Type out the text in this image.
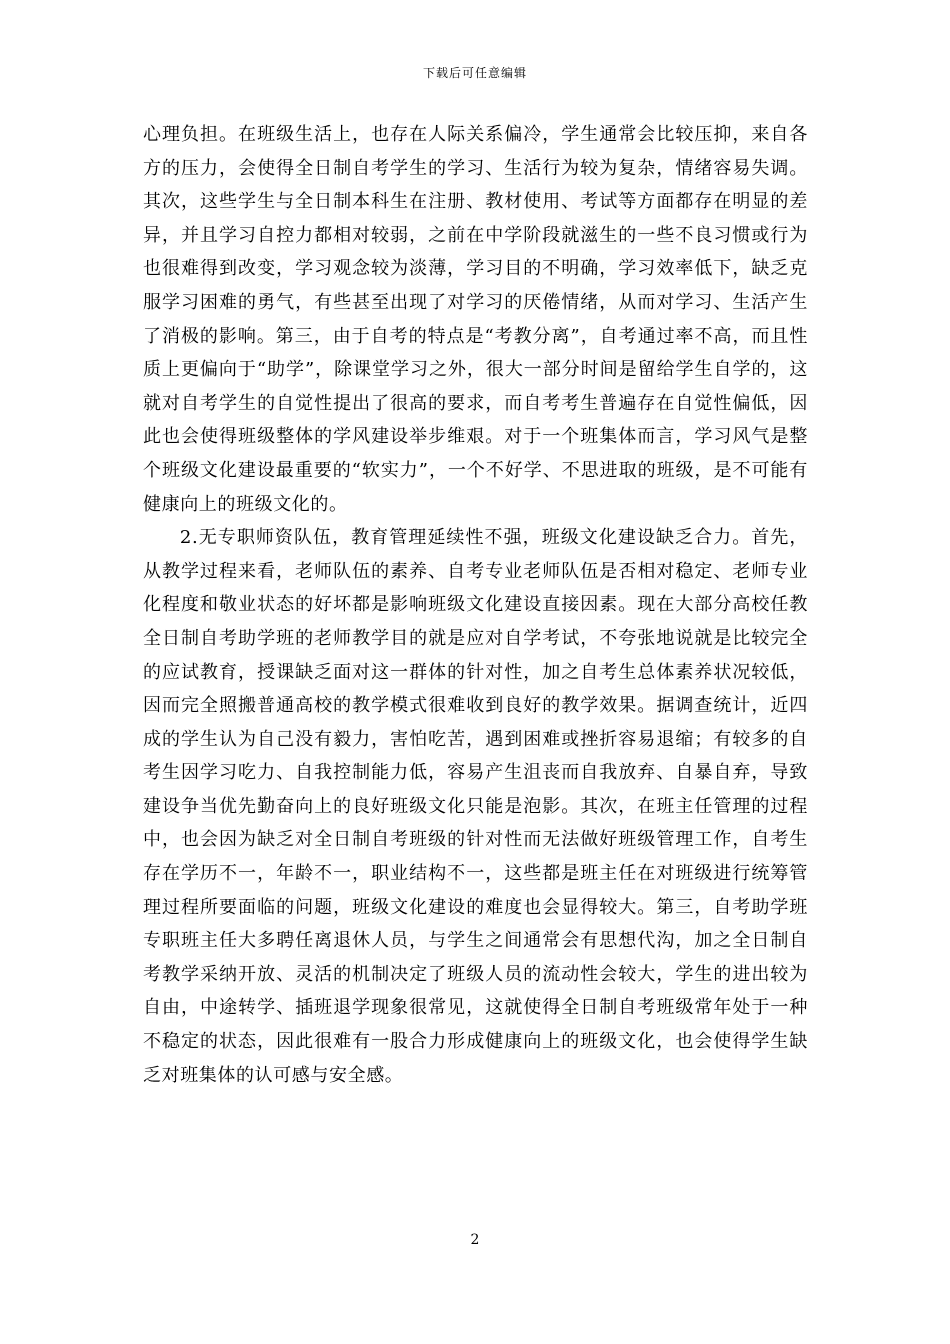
下载后可任意编辑

心理负担。在班级生活上，也存在人际关系偏冷，学生通常会比较压抑，来自各方的压力，会使得全日制自考学生的学习、生活行为较为复杂，情绪容易失调。其次，这些学生与全日制本科生在注册、教材使用、考试等方面都存在明显的差异，并且学习自控力都相对较弱，之前在中学阶段就滋生的一些不良习惯或行为也很难得到改变，学习观念较为淡薄，学习目的不明确，学习效率低下，缺乏克服学习困难的勇气，有些甚至出现了对学习的厌倦情绪，从而对学习、生活产生了消极的影响。第三，由于自考的特点是“考教分离”，自考通过率不高，而且性质上更偏向于“助学”，除课堂学习之外，很大一部分时间是留给学生自学的，这就对自考学生的自觉性提出了很高的要求，而自考考生普遍存在自觉性偏低，因此也会使得班级整体的学风建设举步维艰。对于一个班集体而言，学习风气是整个班级文化建设最重要的“软实力”，一个不好学、不思进取的班级，是不可能有健康向上的班级文化的。

2.无专职师资队伍，教育管理延续性不强，班级文化建设缺乏合力。首先，从教学过程来看，老师队伍的素养、自考专业老师队伍是否相对稳定、老师专业化程度和敬业状态的好坏都是影响班级文化建设直接因素。现在大部分高校任教全日制自考助学班的老师教学目的就是应对自学考试，不夸张地说就是比较完全的应试教育，授课缺乏面对这一群体的针对性，加之自考生总体素养状况较低，因而完全照搬普通高校的教学模式很难收到良好的教学效果。据调查统计，近四成的学生认为自己没有毅力，害怕吃苦，遇到困难或挫折容易退缩；有较多的自考生因学习吃力、自我控制能力低，容易产生沮丧而自我放弃、自暴自弃，导致建设争当优先勤奋向上的良好班级文化只能是泡影。其次，在班主任管理的过程中，也会因为缺乏对全日制自考班级的针对性而无法做好班级管理工作，自考生存在学历不一，年龄不一，职业结构不一，这些都是班主任在对班级进行统筹管理过程所要面临的问题，班级文化建设的难度也会显得较大。第三，自考助学班专职班主任大多聘任离退休人员，与学生之间通常会有思想代沟，加之全日制自考教学采纳开放、灵活的机制决定了班级人员的流动性会较大，学生的进出较为自由，中途转学、插班退学现象很常见，这就使得全日制自考班级常年处于一种不稳定的状态，因此很难有一股合力形成健康向上的班级文化，也会使得学生缺乏对班集体的认可感与安全感。

2
